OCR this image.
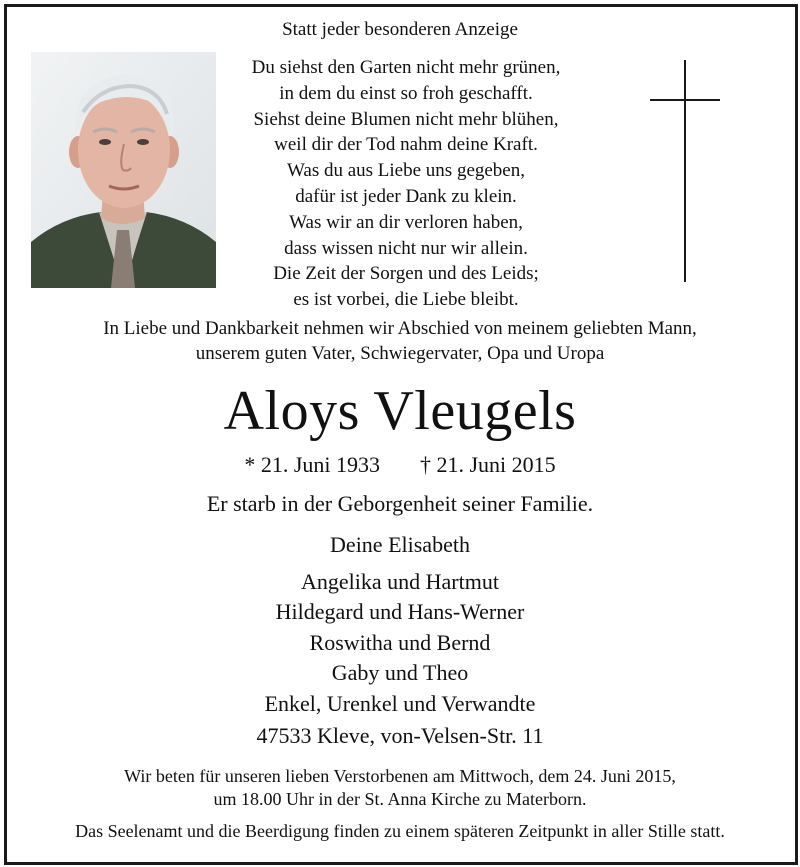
Statt jeder besonderen Anzeige
Du siehst den Garten nicht mehr grünen,
in dem du einst so froh geschafft.
Siehst deine Blumen nicht mehr blühen,
weil dir der Tod nahm deine Kraft.
Was du aus Liebe uns gegeben,
dafür ist jeder Dank zu klein.
Was wir an dir verloren haben,
dass wissen nicht nur wir allein.
Die Zeit der Sorgen und des Leids;
es ist vorbei, die Liebe bleibt.
In Liebe und Dankbarkeit nehmen wir Abschied von meinem geliebten Mann,
unserem guten Vater, Schwiegervater, Opa und Uropa
Aloys Vleugels
* 21. Juni 1933 † 21. Juni 2015
Er starb in der Geborgenheit seiner Familie.
Deine Elisabeth
Angelika und Hartmut
Hildegard und Hans-Werner
Roswitha und Bernd
Gaby und Theo
Enkel, Urenkel und Verwandte
47533 Kleve, von-Velsen-Str. 11
Wir beten für unseren lieben Verstorbenen am Mittwoch, dem 24. Juni 2015,
um 18.00 Uhr in der St. Anna Kirche zu Materborn.
Das Seelenamt und die Beerdigung finden zu einem späteren Zeitpunkt in aller Stille statt.
